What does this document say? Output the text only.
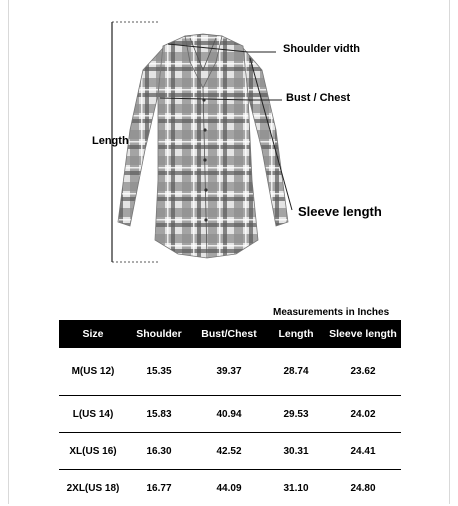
Shoulder vidth
Bust / Chest
Length
Sleeve length
Measurements in Inches
Size	Shoulder	Bust/Chest	Length	Sleeve length
M(US 12)	15.35	39.37	28.74	23.62
L(US 14)	15.83	40.94	29.53	24.02
XL(US 16)	16.30	42.52	30.31	24.41
2XL(US 18)	16.77	44.09	31.10	24.80
